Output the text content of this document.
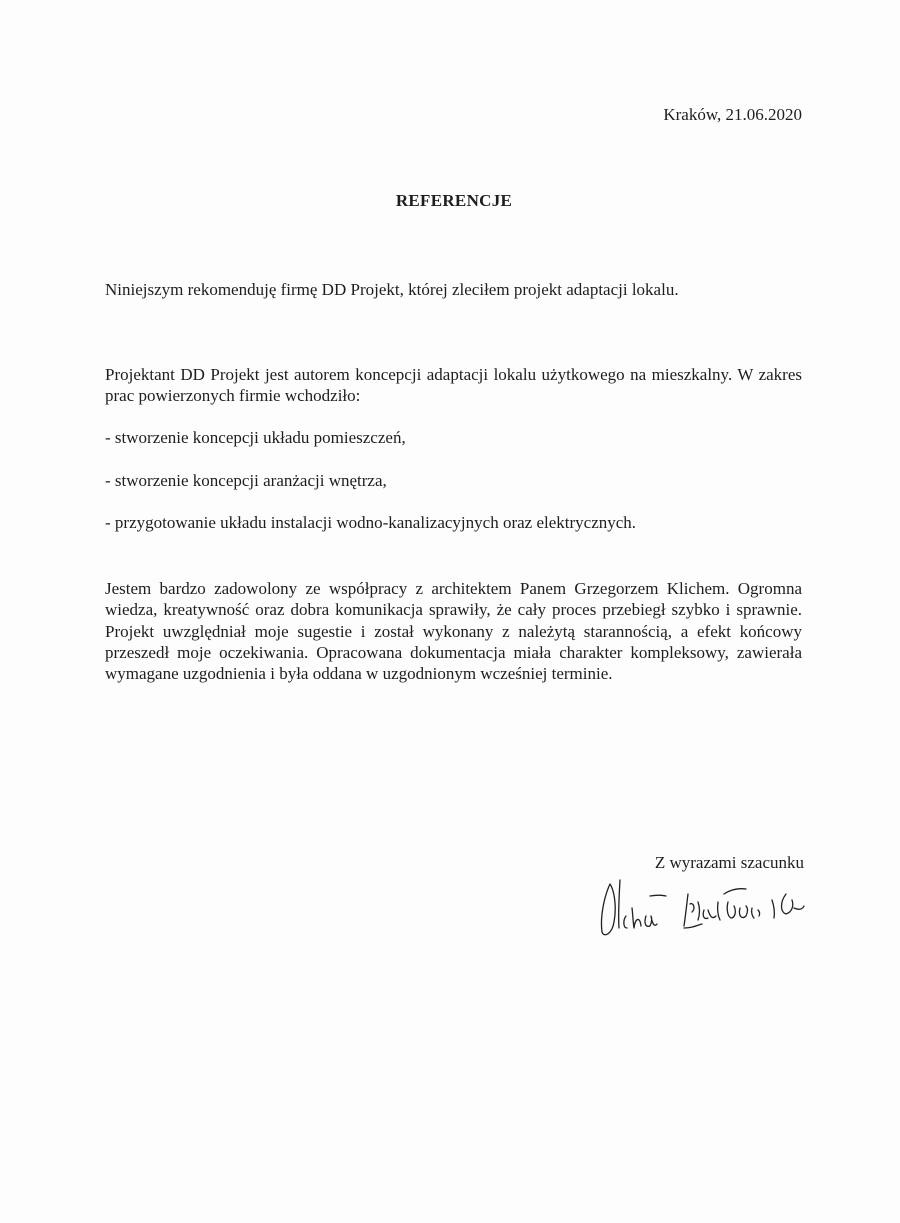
Kraków, 21.06.2020
REFERENCJE
Niniejszym rekomenduję firmę DD Projekt, której zleciłem projekt adaptacji lokalu.
Projektant DD Projekt jest autorem koncepcji adaptacji lokalu użytkowego na mieszkalny. W zakres prac powierzonych firmie wchodziło:
- stworzenie koncepcji układu pomieszczeń,
- stworzenie koncepcji aranżacji wnętrza,
- przygotowanie układu instalacji wodno-kanalizacyjnych oraz elektrycznych.
Jestem bardzo zadowolony ze współpracy z architektem Panem Grzegorzem Klichem. Ogromna wiedza, kreatywność oraz dobra komunikacja sprawiły, że cały proces przebiegł szybko i sprawnie. Projekt uwzględniał moje sugestie i został wykonany z należytą starannością, a efekt końcowy przeszedł moje oczekiwania. Opracowana dokumentacja miała charakter kompleksowy, zawierała wymagane uzgodnienia i była oddana w uzgodnionym wcześniej terminie.
Z wyrazami szacunku
